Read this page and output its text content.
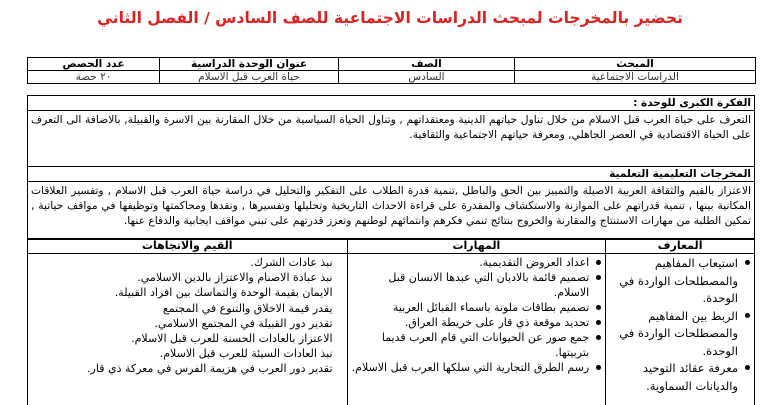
تحضير بالمخرجات لمبحث الدراسات الاجتماعية للصف السادس / الفصل الثاني
المبحث	الصف	عنوان الوحدة الدراسية	عدد الحصص
الدراسات الاجتماعية	السادس	حياة العرب قبل الاسلام	٢٠ حصة
الفكرة الكبرى للوحدة :
التعرف على حياة العرب قبل الاسلام من خلال تناول حياتهم الدينية ومعتقداتهم , وتناول الحياة السياسية من خلال المقارنة بين الاسرة والقبيلة, بالاضافة الى التعرف على الحياة الاقتصادية في العصر الجاهلي, ومعرفة حياتهم الاجتماعية والثقافية.
المخرجات التعليمية التعلمية
الاعتزاز بالقيم والثقافة العربية الاصيلة والتمييز بين الحق والباطل ,تنمية قدرة الطلاب على التفكير والتحليل في دراسة حياة العرب قبل الاسلام , وتفسير العلاقات المكانية بينها , تنمية قدراتهم على الموازنة والاستكشاف والمقدرة على قراءة الاحداث التاريخية وتحليلها وتفسيرها , ونقدها ومحاكمتها وتوظيفها في مواقف حياتية , تمكين الطلبة من مهارات الاستنتاج والمقارنة والخروج بنتائج تنمي فكرهم وانتمائهم لوطنهم وتعزز قدرتهم على تبني مواقف ايجابية والدفاع عنها.
المعارف
استيعاب المفاهيم والمصطلحات الواردة في الوحدة.
الربط بين المفاهيم والمصطلحات الواردة في الوحدة.
معرفة عقائد التوحيد والديانات السماوية.
المهارات
اعداد العروض التقديمية.
تصميم قائمة بالاديان التي عبدها الانسان قبل الاسلام.
تصميم بطاقات ملونة باسماء القبائل العربية
تحديد موقعة ذي قار على خريطة العراق.
جمع صور عن الحيوانات التي قام العرب قديما بتربيتها.
رسم الطرق التجارية التي سلكها العرب قبل الاسلام.
القيم والاتجاهات
نبذ عادات الشرك.
نبذ عبادة الاصنام والاعتزاز بالدين الاسلامي.
الايمان بقيمة الوحدة والتماسك بين افراد القبيلة.
يقدر قيمة الاخلاق والتنوع في المجتمع
تقدير دور القبيلة في المجتمع الاسلامي.
الاعتزاز بالعادات الحسنة للعرب قبل الاسلام.
نبذ العادات السيئة للعرب قبل الاسلام.
تقدير دور العرب في هزيمة الفرس في معركة ذي قار.
